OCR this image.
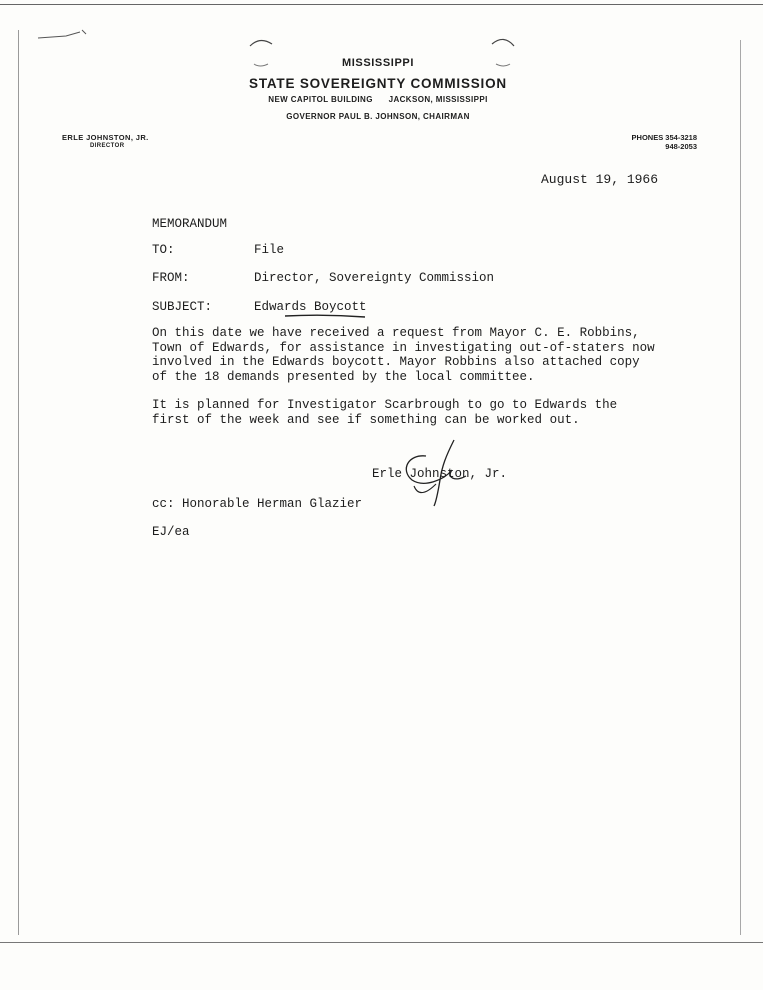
MISSISSIPPI
STATE SOVEREIGNTY COMMISSION
NEW CAPITOL BUILDING      JACKSON, MISSISSIPPI
GOVERNOR PAUL B. JOHNSON, CHAIRMAN
ERLE JOHNSTON, JR.
DIRECTOR
PHONES 354-3218
948-2053
August 19, 1966
MEMORANDUM
TO:	File
FROM:	Director, Sovereignty Commission
SUBJECT:	Edwards Boycott
On this date we have received a request from Mayor C. E. Robbins,
Town of Edwards, for assistance in investigating out-of-staters now
involved in the Edwards boycott. Mayor Robbins also attached copy
of the 18 demands presented by the local committee.
It is planned for Investigator Scarbrough to go to Edwards the
first of the week and see if something can be worked out.
Erle Johnston, Jr.
cc: Honorable Herman Glazier
EJ/ea
